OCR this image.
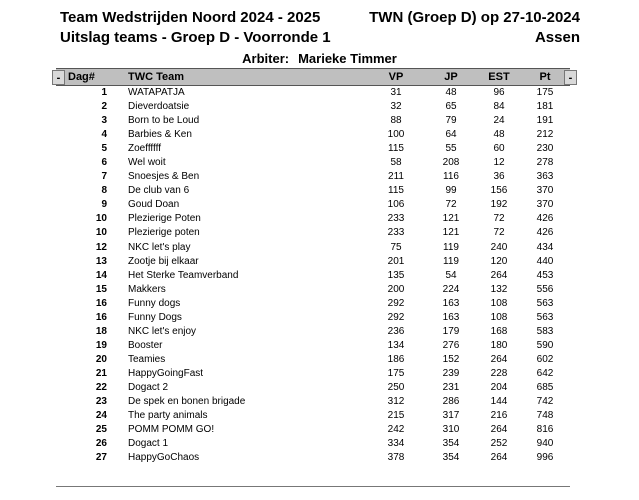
Team Wedstrijden Noord 2024 - 2025	TWN (Groep D) op 27-10-2024
Uitslag teams - Groep D - Voorronde 1	Assen
Arbiter: Marieke Timmer
- Dag#	TWC Team	VP	JP	EST	Pt	-
1 WATAPATJA	31	48	96	175
2 Dieverdoatsie	32	65	84	181
3 Born to be Loud	88	79	24	191
4 Barbies & Ken	100	64	48	212
5 Zoeffffff	115	55	60	230
6 Wel woit	58	208	12	278
7 Snoesjes & Ben	211	116	36	363
8 De club van 6	115	99	156	370
9 Goud Doan	106	72	192	370
10 Plezierige Poten	233	121	72	426
10 Plezierige poten	233	121	72	426
12 NKC let's play	75	119	240	434
13 Zootje bij elkaar	201	119	120	440
14 Het Sterke Teamverband	135	54	264	453
15 Makkers	200	224	132	556
16 Funny dogs	292	163	108	563
16 Funny Dogs	292	163	108	563
18 NKC let's enjoy	236	179	168	583
19 Booster	134	276	180	590
20 Teamies	186	152	264	602
21 HappyGoingFast	175	239	228	642
22 Dogact 2	250	231	204	685
23 De spek en bonen brigade	312	286	144	742
24 The party animals	215	317	216	748
25 POMM POMM GO!	242	310	264	816
26 Dogact 1	334	354	252	940
27 HappyGoChaos	378	354	264	996
